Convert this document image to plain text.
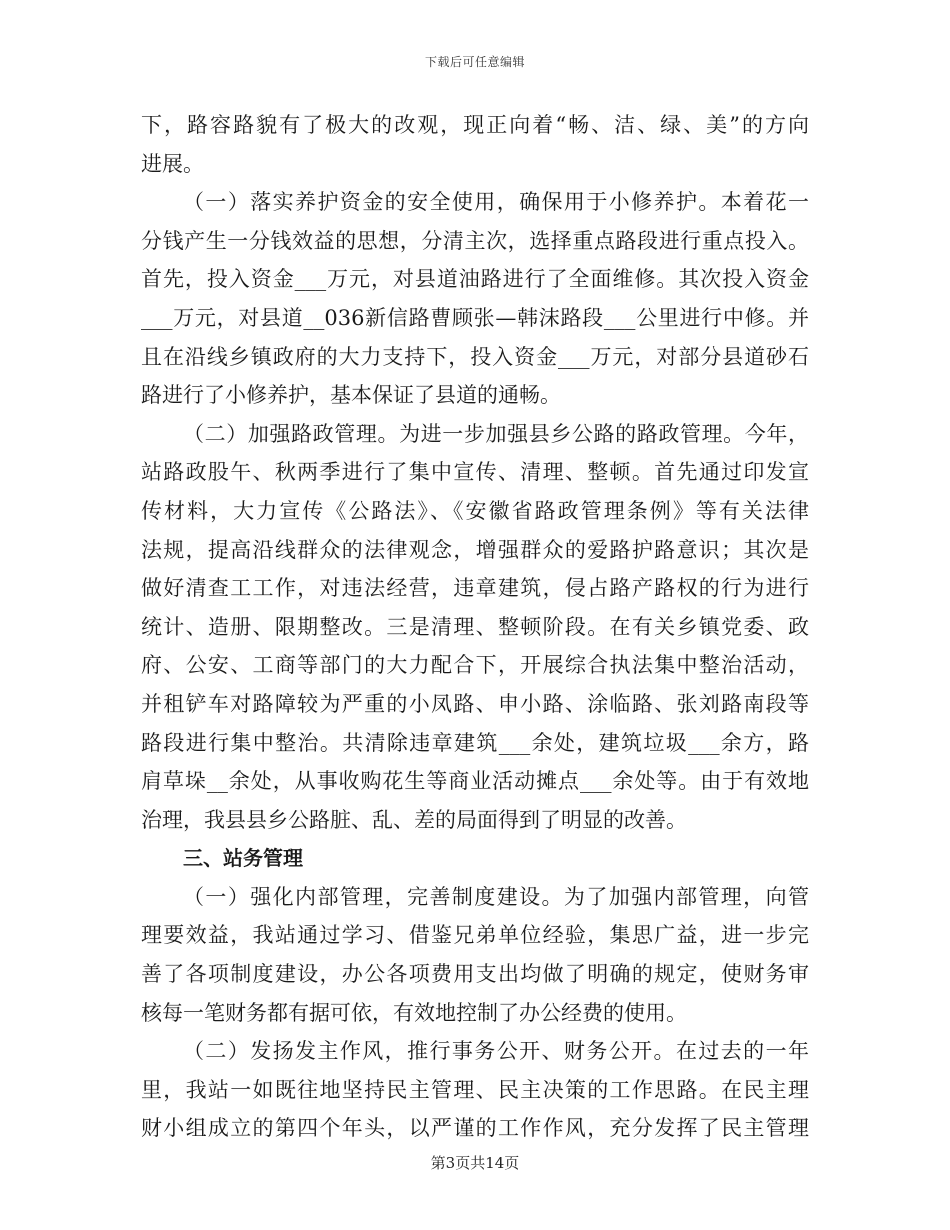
下载后可任意编辑
下，路容路貌有了极大的改观，现正向着“畅、洁、绿、美”的方向
进展。
（一）落实养护资金的安全使用，确保用于小修养护。本着花一
分钱产生一分钱效益的思想，分清主次，选择重点路段进行重点投入。
首先，投入资金___万元，对县道油路进行了全面维修。其次投入资金
___万元，对县道__036新信路曹顾张—韩沫路段___公里进行中修。并
且在沿线乡镇政府的大力支持下，投入资金___万元，对部分县道砂石
路进行了小修养护，基本保证了县道的通畅。
（二）加强路政管理。为进一步加强县乡公路的路政管理。今年，
站路政股午、秋两季进行了集中宣传、清理、整顿。首先通过印发宣
传材料，大力宣传《公路法》、《安徽省路政管理条例》等有关法律
法规，提高沿线群众的法律观念，增强群众的爱路护路意识；其次是
做好清查工工作，对违法经营，违章建筑，侵占路产路权的行为进行
统计、造册、限期整改。三是清理、整顿阶段。在有关乡镇党委、政
府、公安、工商等部门的大力配合下，开展综合执法集中整治活动，
并租铲车对路障较为严重的小凤路、申小路、涂临路、张刘路南段等
路段进行集中整治。共清除违章建筑___余处，建筑垃圾___余方，路
肩草垛__余处，从事收购花生等商业活动摊点___余处等。由于有效地
治理，我县县乡公路脏、乱、差的局面得到了明显的改善。
三、站务管理
（一）强化内部管理，完善制度建设。为了加强内部管理，向管
理要效益，我站通过学习、借鉴兄弟单位经验，集思广益，进一步完
善了各项制度建设，办公各项费用支出均做了明确的规定，使财务审
核每一笔财务都有据可依，有效地控制了办公经费的使用。
（二）发扬发主作风，推行事务公开、财务公开。在过去的一年
里，我站一如既往地坚持民主管理、民主决策的工作思路。在民主理
财小组成立的第四个年头，以严谨的工作作风，充分发挥了民主管理
第3页共14页
